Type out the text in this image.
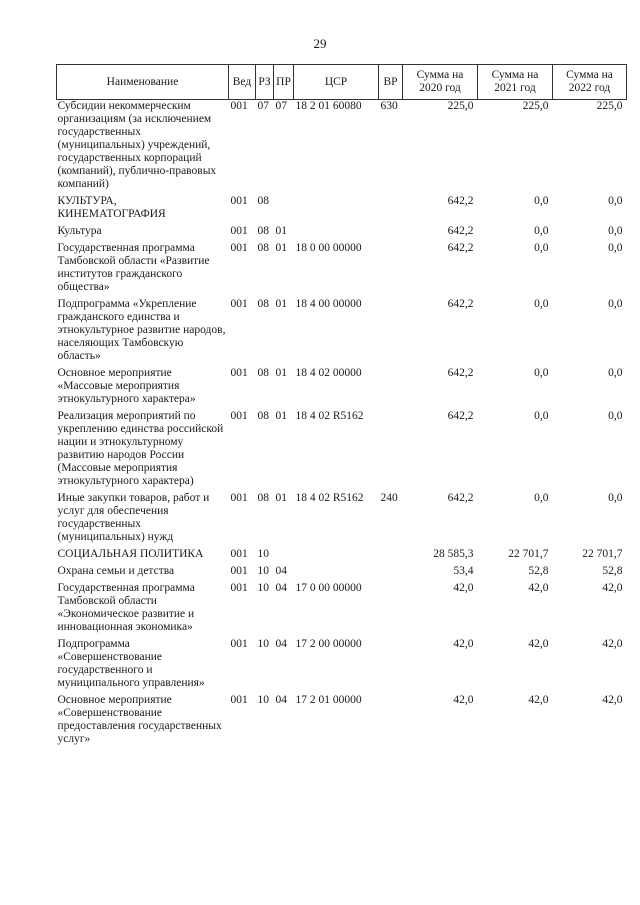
29
Наименование	Вед	РЗ	ПР	ЦСР	ВР	Сумма на 2020 год	Сумма на 2021 год	Сумма на 2022 год
Субсидии некоммерческим организациям (за исключением государственных (муниципальных) учреждений, государственных корпораций (компаний), публично-правовых компаний)	001	07	07	18 2 01 60080	630	225,0	225,0	225,0
КУЛЬТУРА, КИНЕМАТОГРАФИЯ	001	08				642,2	0,0	0,0
Культура	001	08	01			642,2	0,0	0,0
Государственная программа Тамбовской области «Развитие институтов гражданского общества»	001	08	01	18 0 00 00000		642,2	0,0	0,0
Подпрограмма «Укрепление гражданского единства и этнокультурное развитие народов, населяющих Тамбовскую область»	001	08	01	18 4 00 00000		642,2	0,0	0,0
Основное мероприятие «Массовые мероприятия этнокультурного характера»	001	08	01	18 4 02 00000		642,2	0,0	0,0
Реализация мероприятий по укреплению единства российской нации и этнокультурному развитию народов России (Массовые мероприятия этнокультурного характера)	001	08	01	18 4 02 R5162		642,2	0,0	0,0
Иные закупки товаров, работ и услуг для обеспечения государственных (муниципальных) нужд	001	08	01	18 4 02 R5162	240	642,2	0,0	0,0
СОЦИАЛЬНАЯ ПОЛИТИКА	001	10				28 585,3	22 701,7	22 701,7
Охрана семьи и детства	001	10	04			53,4	52,8	52,8
Государственная программа Тамбовской области «Экономическое развитие и инновационная экономика»	001	10	04	17 0 00 00000		42,0	42,0	42,0
Подпрограмма «Совершенствование государственного и муниципального управления»	001	10	04	17 2 00 00000		42,0	42,0	42,0
Основное мероприятие «Совершенствование предоставления государственных услуг»	001	10	04	17 2 01 00000		42,0	42,0	42,0
